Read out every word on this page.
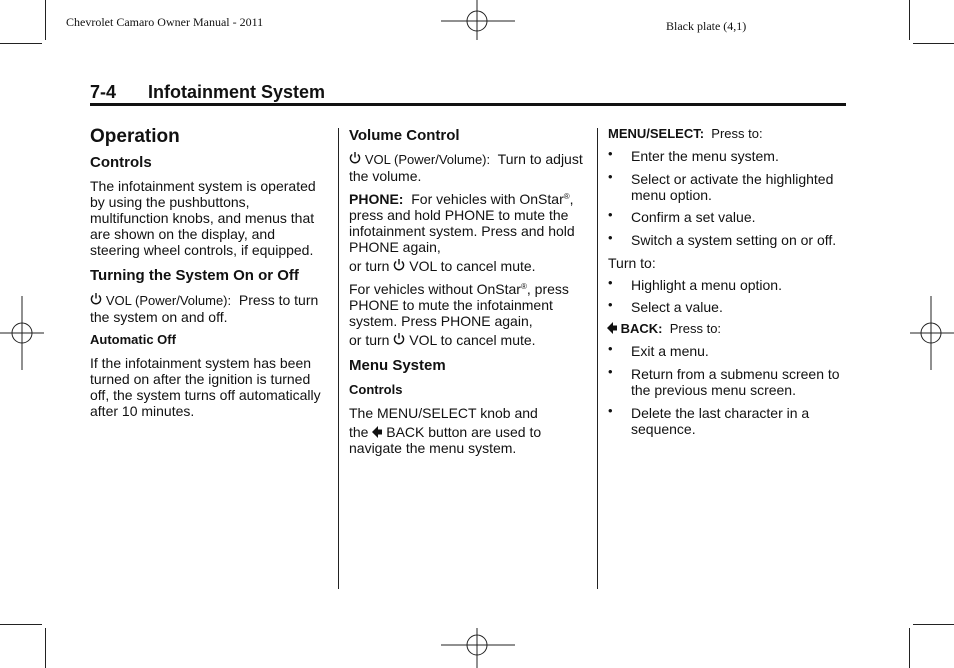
Chevrolet Camaro Owner Manual - 2011	Black plate (4,1)
7-4 Infotainment System
Operation
Controls

The infotainment system is operated by using the pushbuttons, multifunction knobs, and menus that are shown on the display, and steering wheel controls, if equipped.

Turning the System On or Off

VOL (Power/Volume): Press to turn the system on and off.

Automatic Off

If the infotainment system has been turned on after the ignition is turned off, the system turns off automatically after 10 minutes.

Volume Control

VOL (Power/Volume): Turn to adjust the volume.

PHONE: For vehicles with OnStar®, press and hold PHONE to mute the infotainment system. Press and hold PHONE again,

or turn VOL to cancel mute.

For vehicles without OnStar®, press PHONE to mute the infotainment system. Press PHONE again,

or turn VOL to cancel mute.

Menu System
Controls

The MENU/SELECT knob and
the BACK button are used to
navigate the menu system.

MENU/SELECT: Press to:

• Enter the menu system.
• Select or activate the highlighted menu option.
• Confirm a set value.
• Switch a system setting on or off.

Turn to:

• Highlight a menu option.
• Select a value.

BACK: Press to:

• Exit a menu.
• Return from a submenu screen to the previous menu screen.
• Delete the last character in a sequence.
